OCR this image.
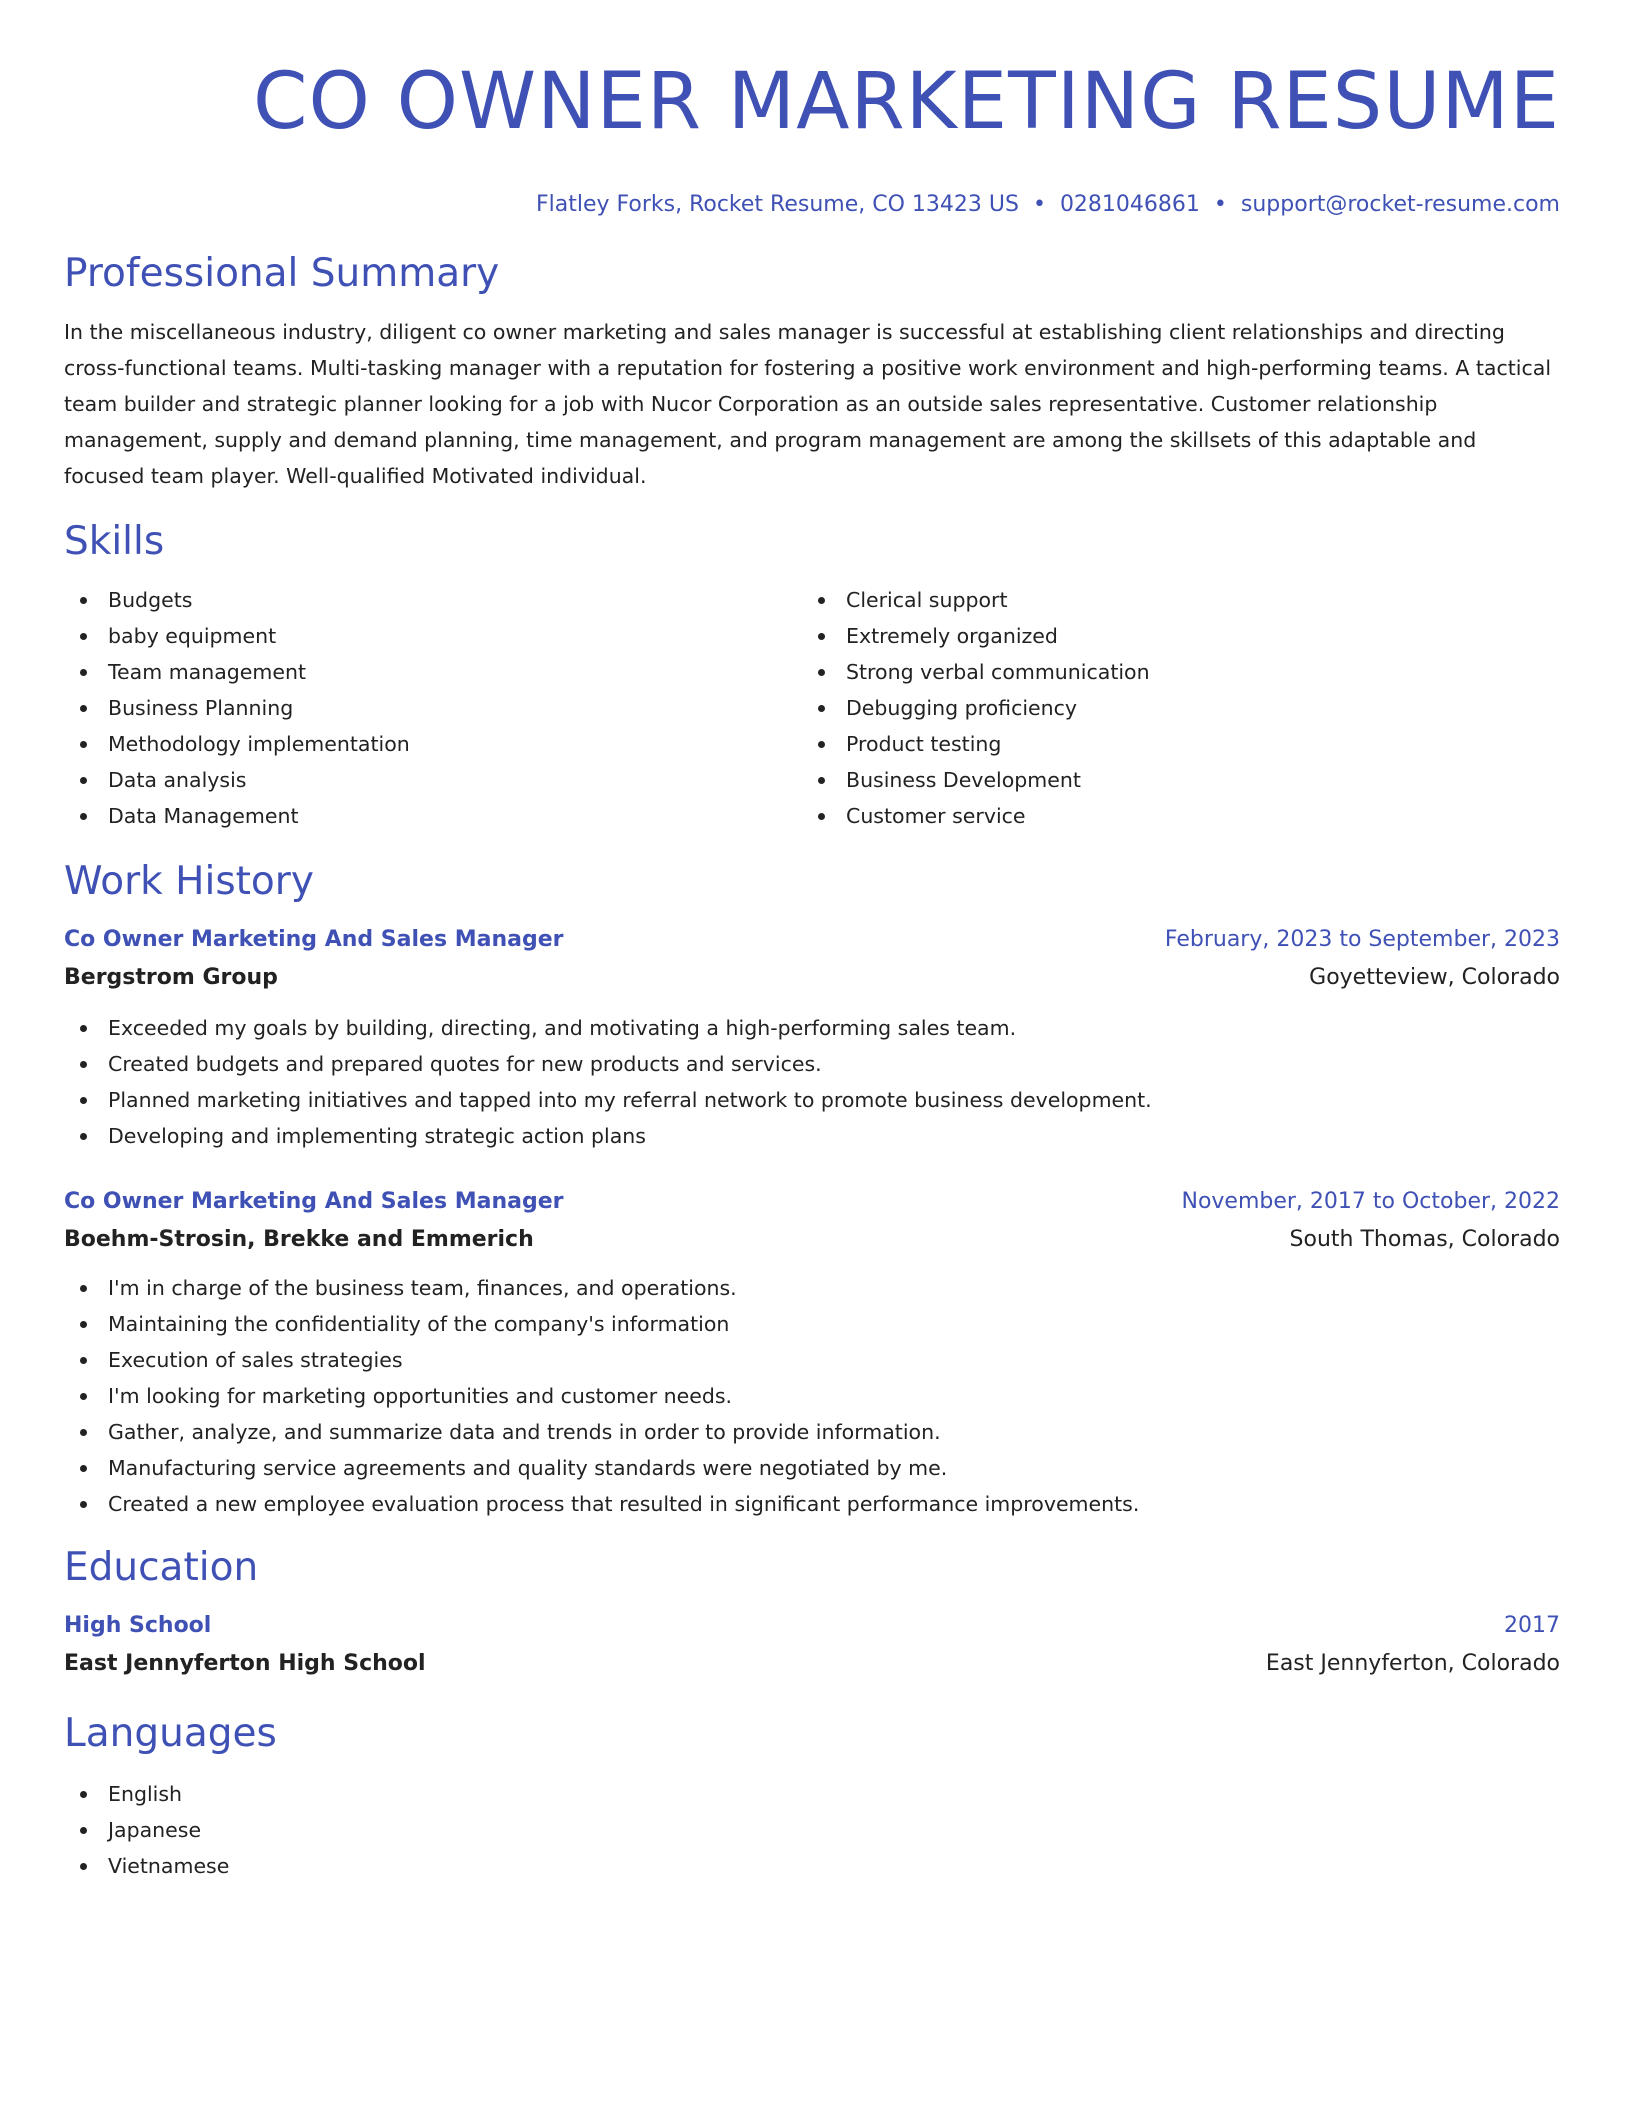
CO OWNER MARKETING RESUME
Flatley Forks, Rocket Resume, CO 13423 US • 0281046861 • support@rocket-resume.com
Professional Summary

In the miscellaneous industry, diligent co owner marketing and sales manager is successful at establishing client relationships and directing cross-functional teams. Multi-tasking manager with a reputation for fostering a positive work environment and high-performing teams. A tactical team builder and strategic planner looking for a job with Nucor Corporation as an outside sales representative. Customer relationship management, supply and demand planning, time management, and program management are among the skillsets of this adaptable and focused team player. Well-qualified Motivated individual.

Skills
Budgets
baby equipment
Team management
Business Planning
Methodology implementation
Data analysis
Data Management
Clerical support
Extremely organized
Strong verbal communication
Debugging proficiency
Product testing
Business Development
Customer service
Work History
Co Owner Marketing And Sales Manager	February, 2023 to September, 2023
Bergstrom Group	Goyetteview, Colorado
Exceeded my goals by building, directing, and motivating a high-performing sales team.
Created budgets and prepared quotes for new products and services.
Planned marketing initiatives and tapped into my referral network to promote business development.
Developing and implementing strategic action plans
Co Owner Marketing And Sales Manager	November, 2017 to October, 2022
Boehm-Strosin, Brekke and Emmerich	South Thomas, Colorado
I'm in charge of the business team, finances, and operations.
Maintaining the confidentiality of the company's information
Execution of sales strategies
I'm looking for marketing opportunities and customer needs.
Gather, analyze, and summarize data and trends in order to provide information.
Manufacturing service agreements and quality standards were negotiated by me.
Created a new employee evaluation process that resulted in significant performance improvements.
Education
High School	2017
East Jennyferton High School	East Jennyferton, Colorado
Languages
English
Japanese
Vietnamese
